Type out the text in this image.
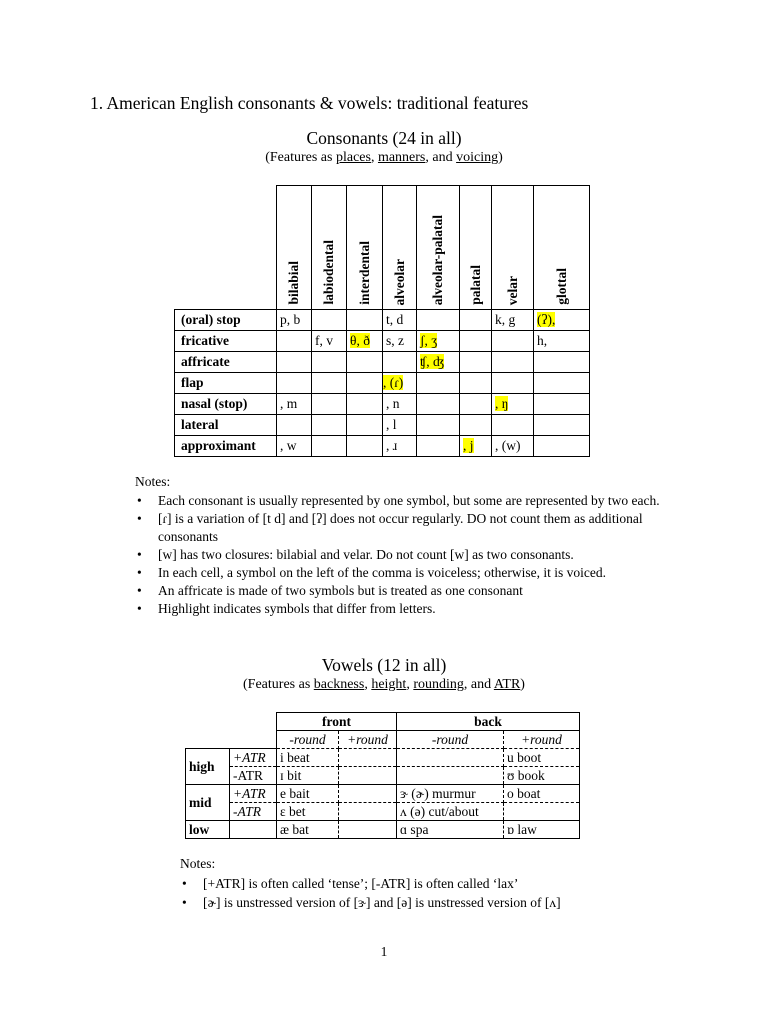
1. American English consonants & vowels: traditional features
Consonants (24 in all)
(Features as places, manners, and voicing)
	bilabial	labiodental	interdental	alveolar	alveolar-palatal	palatal	velar	glottal
(oral) stop	p, b			t, d			k, g	(ʔ),
fricative		f, v	θ, ð	s, z	ʃ, ʒ			h,
affricate					ʧ, ʤ			
flap				, (ɾ)				
nasal (stop)	, m			, n			, ŋ	
lateral				, l				
approximant	, w			, ɹ		, j	, (w)	
Notes:
• Each consonant is usually represented by one symbol, but some are represented by two each.
• [ɾ] is a variation of [t d] and [ʔ] does not occur regularly. DO not count them as additional consonants
• [w] has two closures: bilabial and velar. Do not count [w] as two consonants.
• In each cell, a symbol on the left of the comma is voiceless; otherwise, it is voiced.
• An affricate is made of two symbols but is treated as one consonant
• Highlight indicates symbols that differ from letters.
Vowels (12 in all)
(Features as backness, height, rounding, and ATR)
		front		back	
		-round	+round	-round	+round
high	+ATR	i beat			u boot
	-ATR	ɪ bit			ʊ book
mid	+ATR	e bait		ɝ (ɚ) murmur	o boat
	-ATR	ɛ bet		ʌ (ə) cut/about	
low		æ bat		ɑ spa	ɒ law
Notes:
• [+ATR] is often called ‘tense’; [-ATR] is often called ‘lax’
• [ɚ] is unstressed version of [ɝ] and [ə] is unstressed version of [ʌ]
1
